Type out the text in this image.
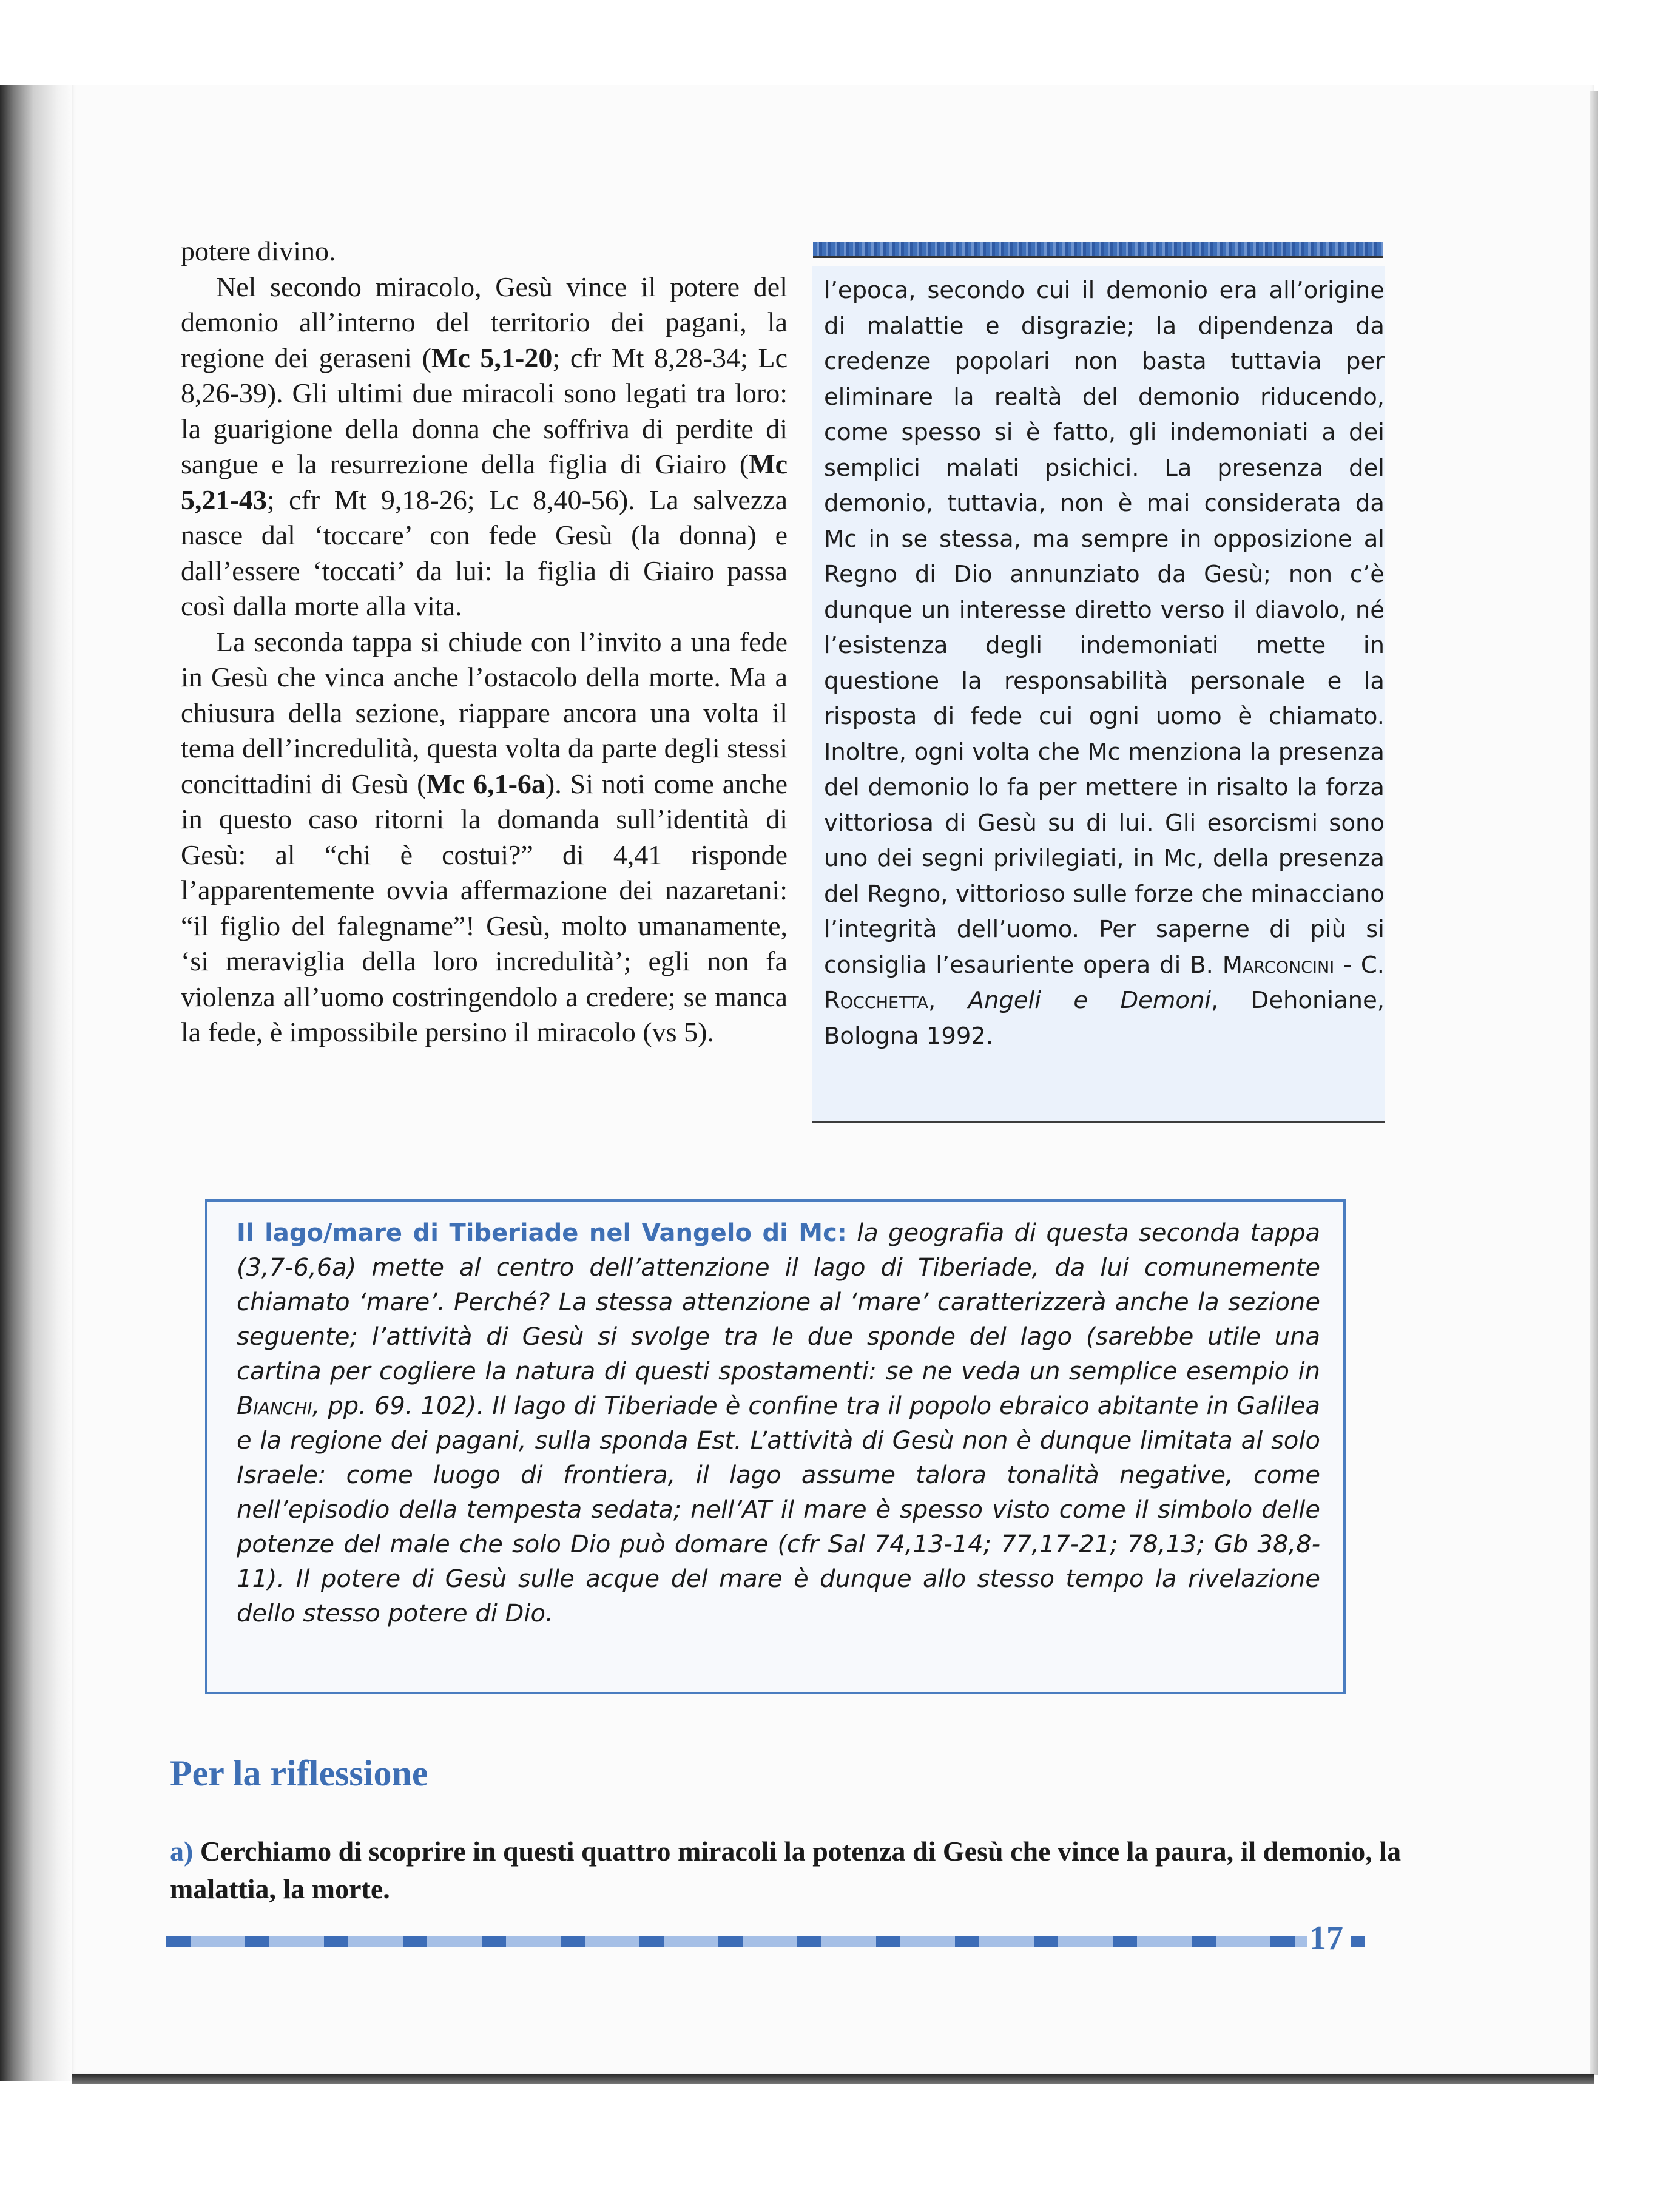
potere divino.

Nel secondo miracolo, Gesù vince il potere del demonio all’interno del territorio dei pagani, la regione dei geraseni (Mc 5,1-20; cfr Mt 8,28-34; Lc 8,26-39). Gli ultimi due miracoli sono legati tra loro: la guarigione della donna che soffriva di perdite di sangue e la resurrezione della figlia di Giairo (Mc 5,21-43; cfr Mt 9,18-26; Lc 8,40-56). La salvezza nasce dal ‘toccare’ con fede Gesù (la donna) e dall’essere ‘toccati’ da lui: la figlia di Giairo passa così dalla morte alla vita.

La seconda tappa si chiude con l’invito a una fede in Gesù che vinca anche l’ostacolo della morte. Ma a chiusura della sezione, riappare ancora una volta il tema dell’incredulità, questa volta da parte degli stessi concittadini di Gesù (Mc 6,1-6a). Si noti come anche in questo caso ritorni la domanda sull’identità di Gesù: al “chi è costui?” di 4,41 risponde l’apparentemente ovvia affermazione dei nazaretani: “il figlio del falegname”! Gesù, molto umanamente, ‘si meraviglia della loro incredulità’; egli non fa violenza all’uomo costringendolo a credere; se manca la fede, è impossibile persino il miracolo (vs 5).

l’epoca, secondo cui il demonio era all’origine di malattie e disgrazie; la dipendenza da credenze popolari non basta tuttavia per eliminare la realtà del demonio riducendo, come spesso si è fatto, gli indemoniati a dei semplici malati psichici. La presenza del demonio, tuttavia, non è mai considerata da Mc in se stessa, ma sempre in opposizione al Regno di Dio annunziato da Gesù; non c’è dunque un interesse diretto verso il diavolo, né l’esistenza degli indemoniati mette in questione la responsabilità personale e la risposta di fede cui ogni uomo è chiamato. Inoltre, ogni volta che Mc menziona la presenza del demonio lo fa per mettere in risalto la forza vittoriosa di Gesù su di lui. Gli esorcismi sono uno dei segni privilegiati, in Mc, della presenza del Regno, vittorioso sulle forze che minacciano l’integrità dell’uomo. Per saperne di più si consiglia l’esauriente opera di B. Marconcini - C. Rocchetta, Angeli e Demoni, Dehoniane, Bologna 1992.

Il lago/mare di Tiberiade nel Vangelo di Mc: la geografia di questa seconda tappa (3,7-6,6a) mette al centro dell’attenzione il lago di Tiberiade, da lui comunemente chiamato ‘mare’. Perché? La stessa attenzione al ‘mare’ caratterizzerà anche la sezione seguente; l’attività di Gesù si svolge tra le due sponde del lago (sarebbe utile una cartina per cogliere la natura di questi spostamenti: se ne veda un semplice esempio in Bianchi, pp. 69. 102). Il lago di Tiberiade è confine tra il popolo ebraico abitante in Galilea e la regione dei pagani, sulla sponda Est. L’attività di Gesù non è dunque limitata al solo Israele: come luogo di frontiera, il lago assume talora tonalità negative, come nell’episodio della tempesta sedata; nell’AT il mare è spesso visto come il simbolo delle potenze del male che solo Dio può domare (cfr Sal 74,13-14; 77,17-21; 78,13; Gb 38,8-11). Il potere di Gesù sulle acque del mare è dunque allo stesso tempo la rivelazione dello stesso potere di Dio.
Per la riflessione
a) Cerchiamo di scoprire in questi quattro miracoli la potenza di Gesù che vince la paura, il demonio, la malattia, la morte.
17
